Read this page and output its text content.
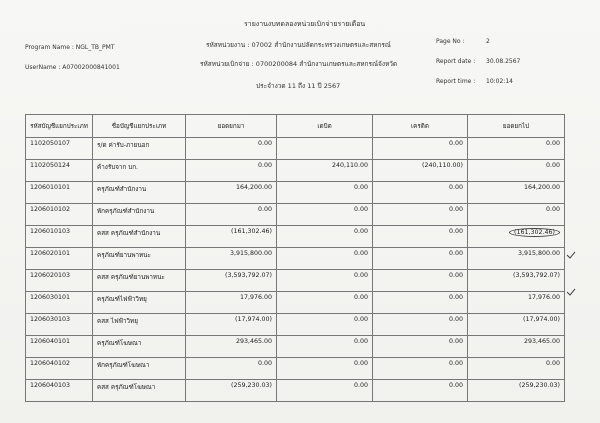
รายงานงบทดลองหน่วยเบิกจ่ายรายเดือน
Program Name : NGL_TB_PMT
UserName : A07002000841001
รหัสหน่วยงาน : 07002 สำนักงานปลัดกระทรวงเกษตรและสหกรณ์
รหัสหน่วยเบิกจ่าย : 0700200084 สำนักงานเกษตรและสหกรณ์จังหวัด
ประจำงวด 11 ถึง 11 ปี 2567
Page No :	2
Report date : 30.08.2567
Report time : 10:02:14
รหัสบัญชีแยกประเภท	ชื่อบัญชีแยกประเภท	ยอดยกมา	เดบิต	เครดิต	ยอดยกไป
1102050107	ร/ด ค่ารับ-ภายนอก	0.00		0.00	0.00
1102050124	ค้างรับจาก บก.	0.00	240,110.00	(240,110.00)	0.00
1206010101	ครุภัณฑ์สำนักงาน	164,200.00	0.00	0.00	164,200.00
1206010102	พักครุภัณฑ์สำนักงาน	0.00	0.00	0.00	0.00
1206010103	คสส ครุภัณฑ์สำนักงาน	(161,302.46)	0.00	0.00	(161,302.46)
1206020101	ครุภัณฑ์ยานพาหนะ	3,915,800.00	0.00	0.00	3,915,800.00
1206020103	คสส ครุภัณฑ์ยานพาหนะ	(3,593,792.07)	0.00	0.00	(3,593,792.07)
1206030101	ครุภัณฑ์ไฟฟ้าวิทยุ	17,976.00	0.00	0.00	17,976.00
1206030103	คสส ไฟฟ้าวิทยุ	(17,974.00)	0.00	0.00	(17,974.00)
1206040101	ครุภัณฑ์โฆษณา	293,465.00	0.00	0.00	293,465.00
1206040102	พักครุภัณฑ์โฆษณา	0.00	0.00	0.00	0.00
1206040103	คสส ครุภัณฑ์โฆษณา	(259,230.03)	0.00	0.00	(259,230.03)
